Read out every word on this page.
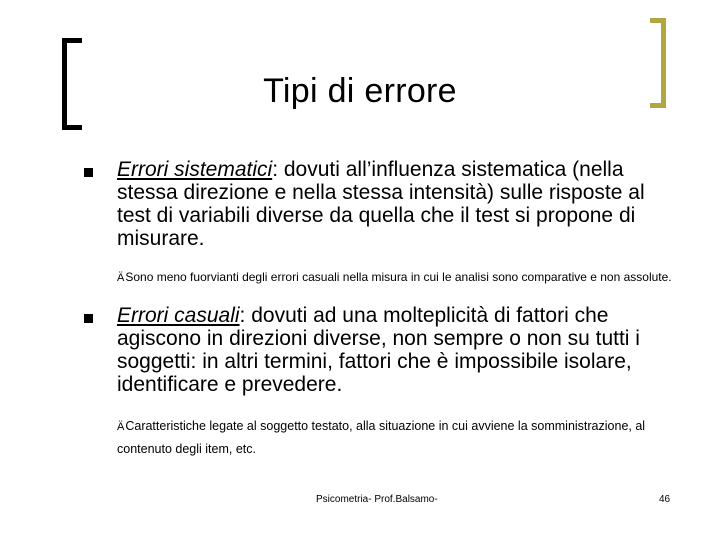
Tipi di errore

Errori sistematici: dovuti all’influenza sistematica (nella stessa direzione e nella stessa intensità) sulle risposte al test di variabili diverse da quella che il test si propone di misurare.

ÄSono meno fuorvianti degli errori casuali nella misura in cui le analisi sono comparative e non assolute.

Errori casuali: dovuti ad una molteplicità di fattori che agiscono in direzioni diverse, non sempre o non su tutti i soggetti: in altri termini, fattori che è impossibile isolare, identificare e prevedere.

ÄCaratteristiche legate al soggetto testato, alla situazione in cui avviene la somministrazione, al contenuto degli item, etc.

Psicometria- Prof.Balsamo-	46
